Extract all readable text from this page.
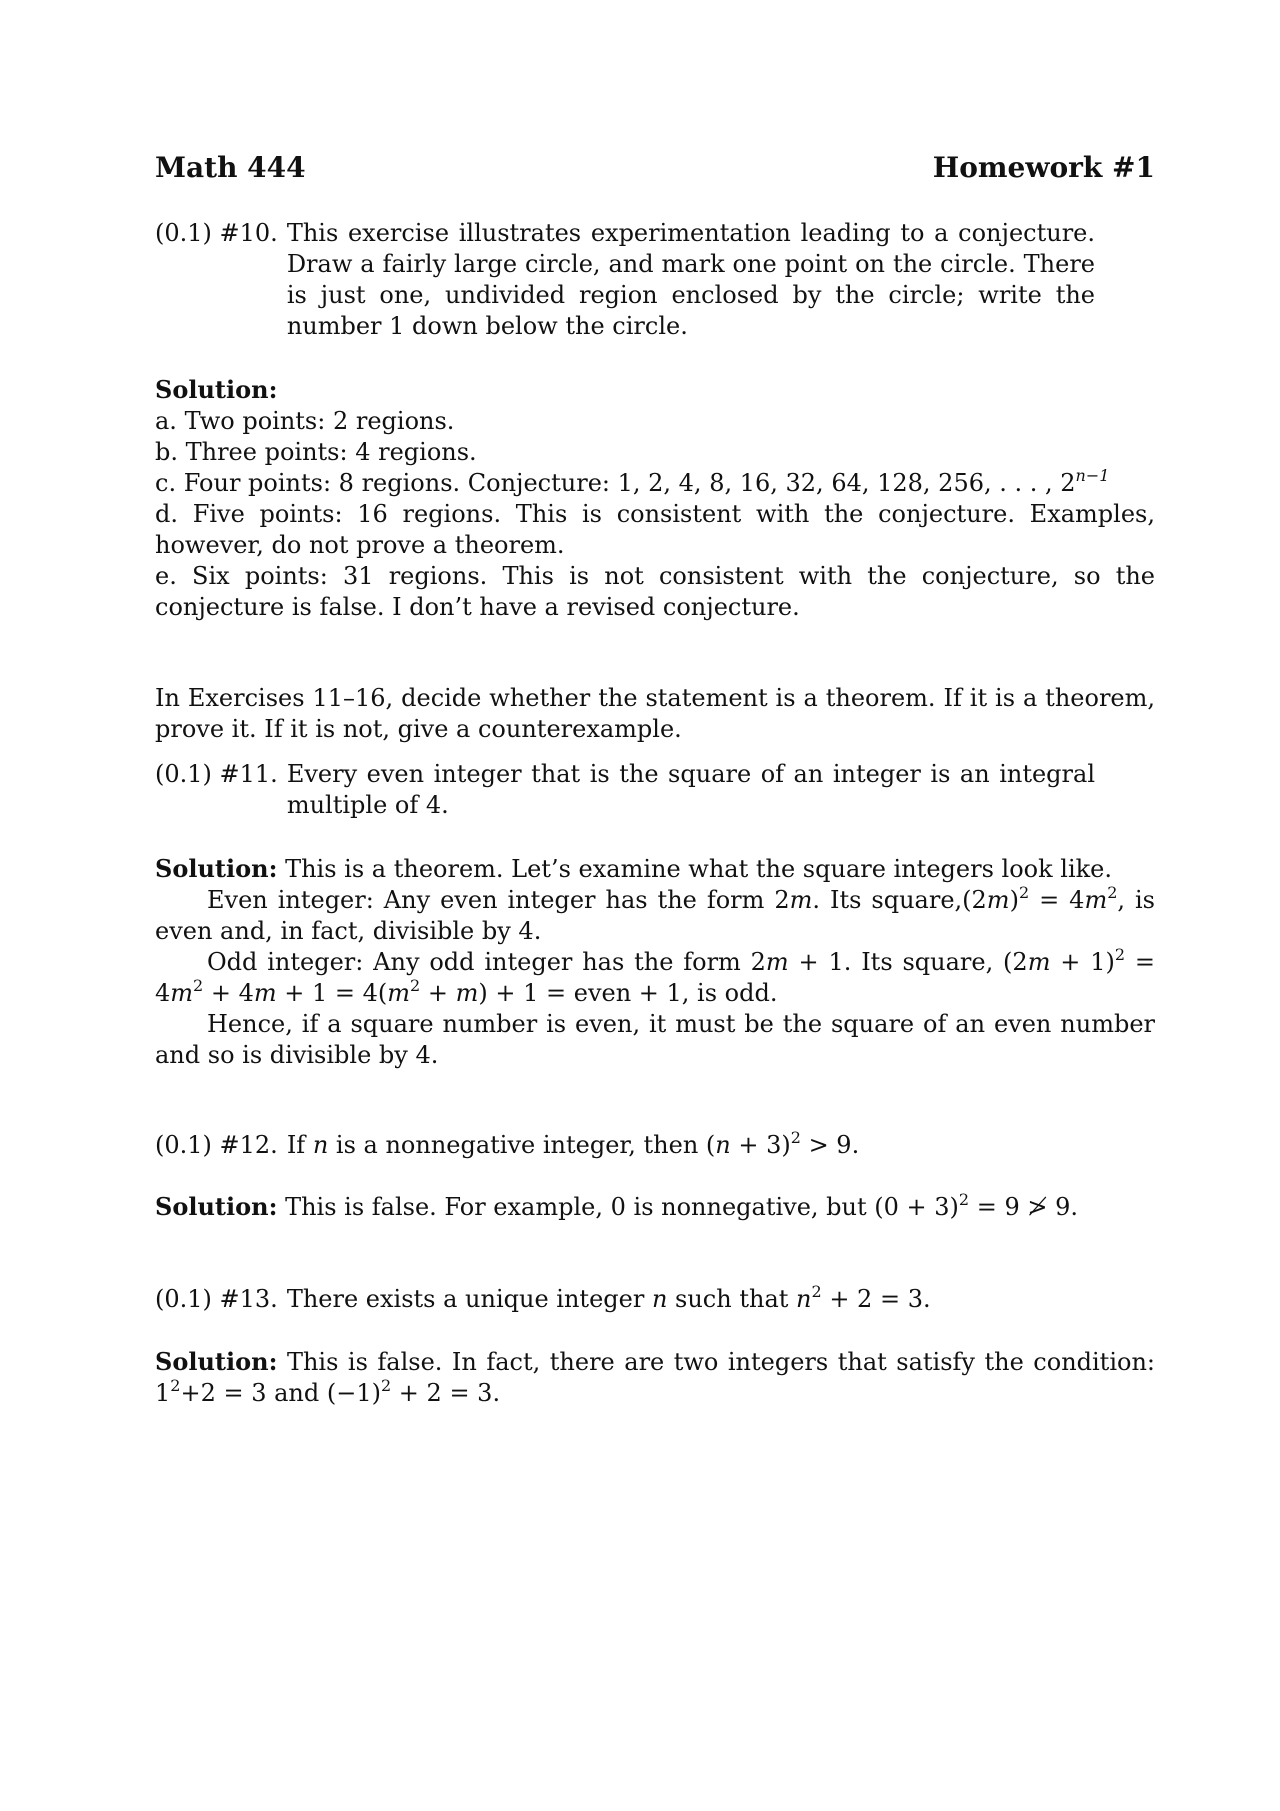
Math 444	Homework #1
(0.1) #10. This exercise illustrates experimentation leading to a conjecture. Draw a fairly large circle, and mark one point on the circle. There is just one, undivided region enclosed by the circle; write the number 1 down below the circle.

Solution:
a. Two points: 2 regions.
b. Three points: 4 regions.
c. Four points: 8 regions. Conjecture: 1, 2, 4, 8, 16, 32, 64, 128, 256, . . . , $2^{n-1}$

d. Five points: 16 regions. This is consistent with the conjecture. Examples, however, do not prove a theorem.

e. Six points: 31 regions. This is not consistent with the conjecture, so the conjecture is false. I don’t have a revised conjecture.

In Exercises 11–16, decide whether the statement is a theorem. If it is a theorem, prove it. If it is not, give a counterexample.

(0.1) #11. Every even integer that is the square of an integer is an integral multiple of 4.

Solution: This is a theorem. Let’s examine what the square integers look like.

Even integer: Any even integer has the form 2m. Its $square,(2m)^2 = 4m^2$, is even and, in fact, divisible by 4.

Odd integer: Any odd integer has the form 2m + 1. Its square, $(2m + 1)^2 = 4m^2 + 4m + 1 = 4(m^2 + m) + 1$ = even + 1, is odd.

Hence, if a square number is even, it must be the square of an even number and so is divisible by 4.

(0.1) #12. If n is a nonnegative integer, then $(n + 3)^2 > 9$.
Solution: This is false. For example, 0 is nonnegative, but $(0 + 3)^2 = 9$ ≯ 9.
(0.1) #13. There exists a unique integer n such that $n^2 + 2 = 3$.

Solution: This is false. In fact, there are two integers that satisfy the condition: $1^2+2 = 3$ and $(-1)^2 + 2 = 3$.
